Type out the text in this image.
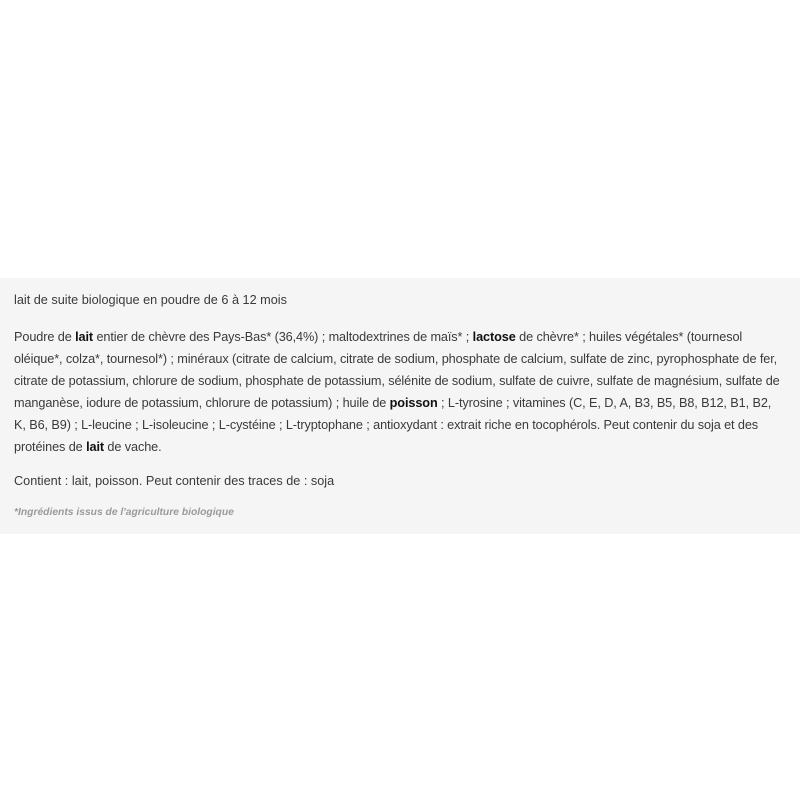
lait de suite biologique en poudre de 6 à 12 mois

Poudre de lait entier de chèvre des Pays-Bas* (36,4%) ; maltodextrines de maïs* ; lactose de chèvre* ; huiles végétales* (tournesol oléique*, colza*, tournesol*) ; minéraux (citrate de calcium, citrate de sodium, phosphate de calcium, sulfate de zinc, pyrophosphate de fer, citrate de potassium, chlorure de sodium, phosphate de potassium, sélénite de sodium, sulfate de cuivre, sulfate de magnésium, sulfate de manganèse, iodure de potassium, chlorure de potassium) ; huile de poisson ; L-tyrosine ; vitamines (C, E, D, A, B3, B5, B8, B12, B1, B2, K, B6, B9) ; L-leucine ; L-isoleucine ; L-cystéine ; L-tryptophane ; antioxydant : extrait riche en tocophérols. Peut contenir du soja et des protéines de lait de vache.

Contient : lait, poisson. Peut contenir des traces de : soja

*Ingrédients issus de l'agriculture biologique
